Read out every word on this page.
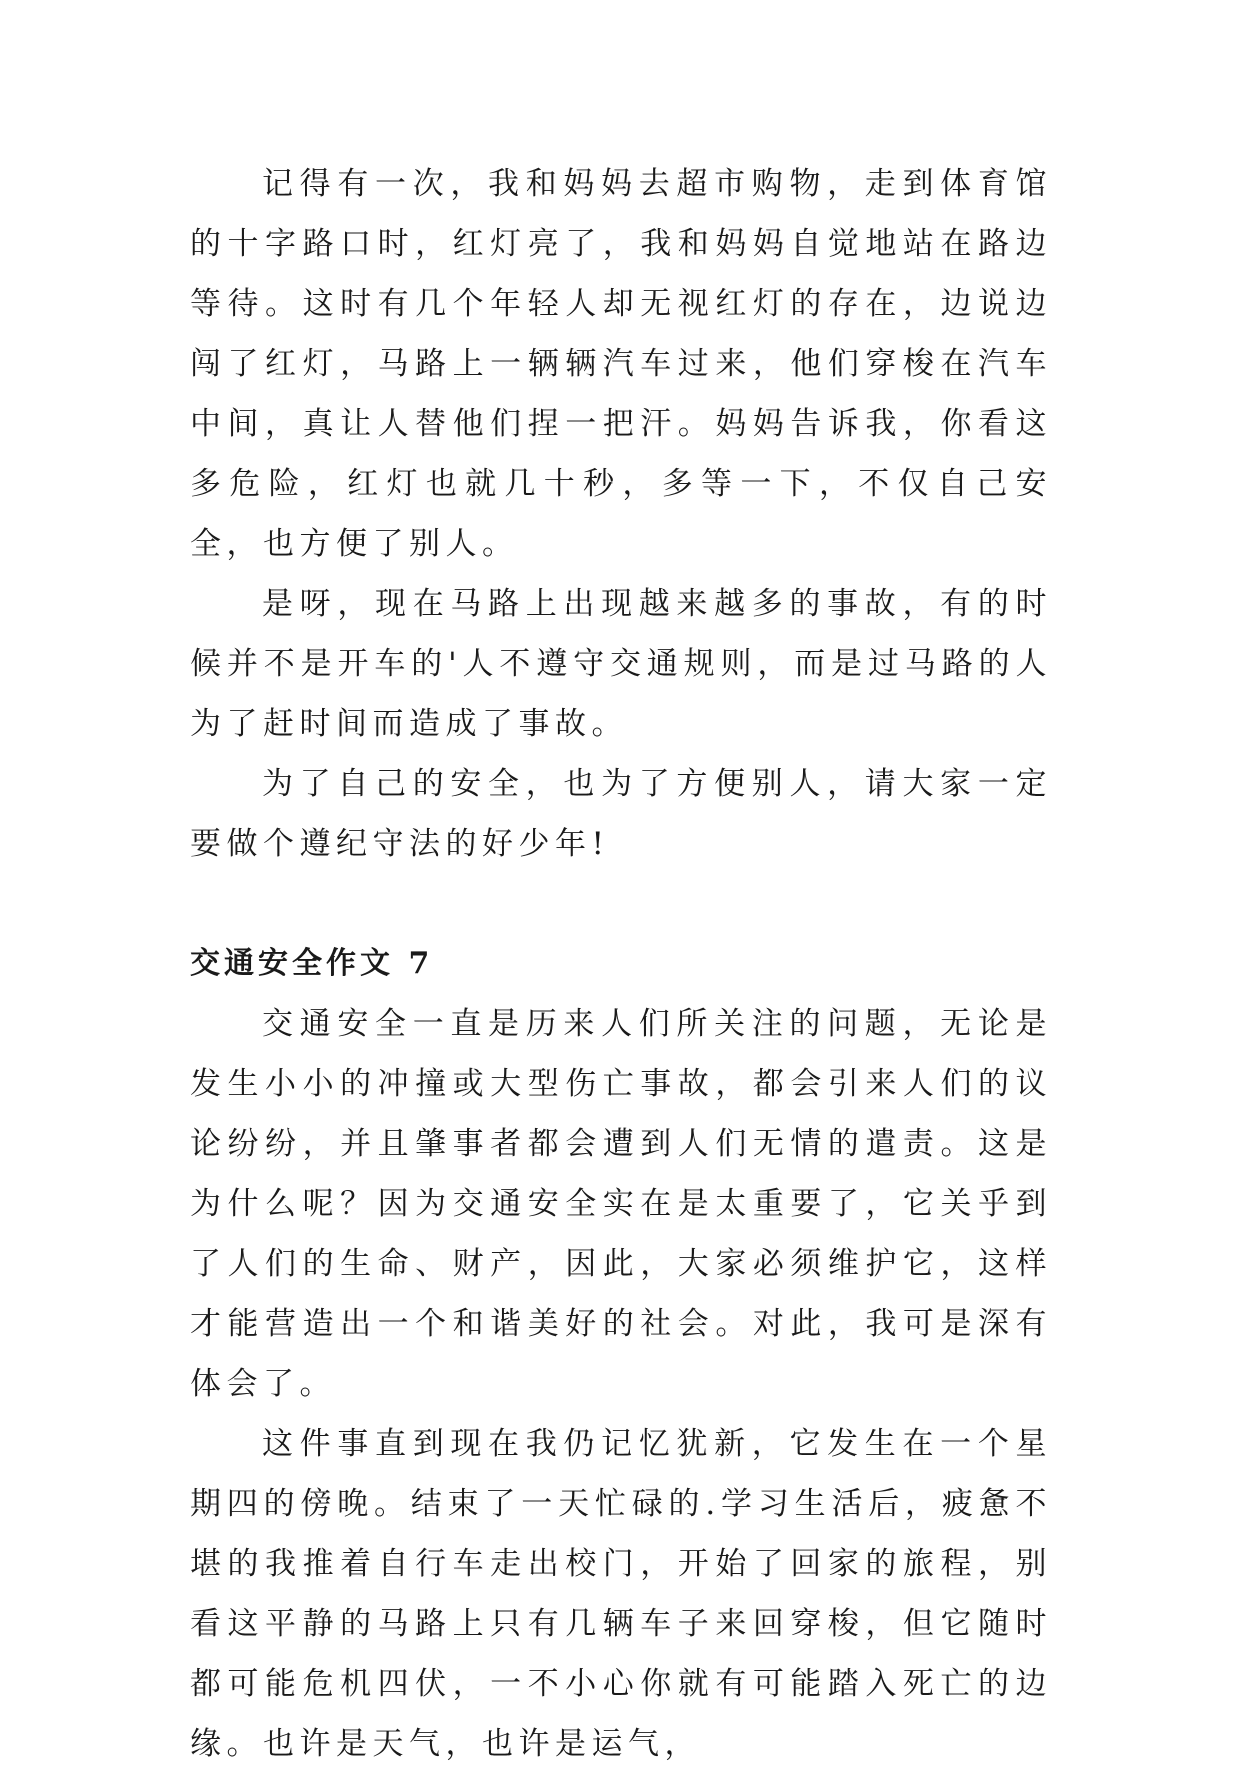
记得有一次，我和妈妈去超市购物，走到体育馆的十字路口时，红灯亮了，我和妈妈自觉地站在路边等待。这时有几个年轻人却无视红灯的存在，边说边闯了红灯，马路上一辆辆汽车过来，他们穿梭在汽车中间，真让人替他们捏一把汗。妈妈告诉我，你看这多危险，红灯也就几十秒，多等一下，不仅自己安全，也方便了别人。

是呀，现在马路上出现越来越多的事故，有的时候并不是开车的'人不遵守交通规则，而是过马路的人为了赶时间而造成了事故。

为了自己的安全，也为了方便别人，请大家一定要做个遵纪守法的好少年!

交通安全作文 7

交通安全一直是历来人们所关注的问题，无论是发生小小的冲撞或大型伤亡事故，都会引来人们的议论纷纷，并且肇事者都会遭到人们无情的遣责。这是为什么呢？因为交通安全实在是太重要了，它关乎到了人们的生命、财产，因此，大家必须维护它，这样才能营造出一个和谐美好的社会。对此，我可是深有体会了。

这件事直到现在我仍记忆犹新，它发生在一个星期四的傍晚。结束了一天忙碌的.学习生活后，疲惫不堪的我推着自行车走出校门，开始了回家的旅程，别看这平静的马路上只有几辆车子来回穿梭，但它随时都可能危机四伏，一不小心你就有可能踏入死亡的边缘。也许是天气，也许是运气，
